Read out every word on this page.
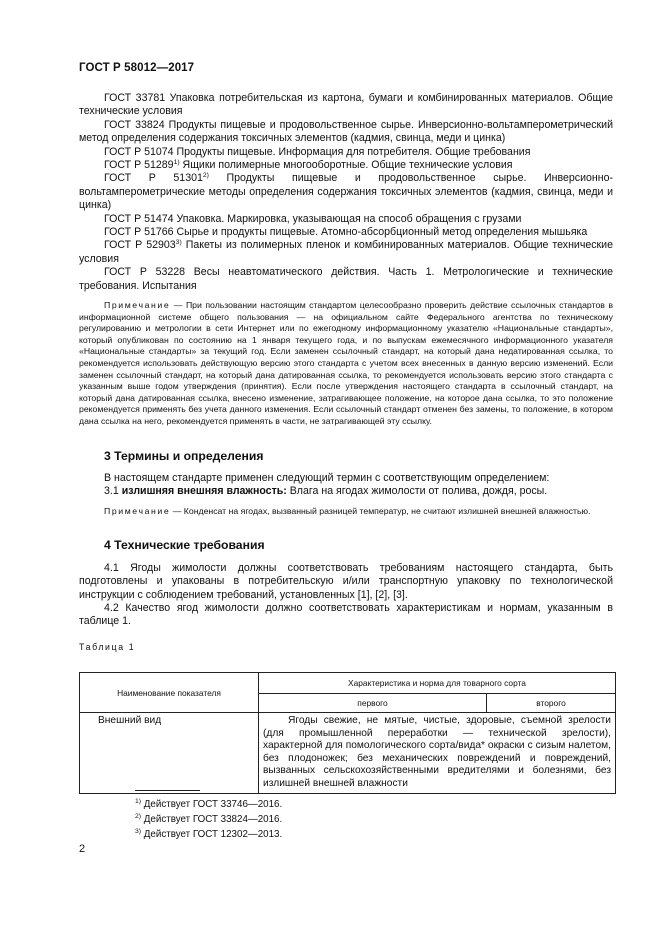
ГОСТ Р 58012—2017

ГОСТ 33781 Упаковка потребительская из картона, бумаги и комбинированных материалов. Общие технические условия

ГОСТ 33824 Продукты пищевые и продовольственное сырье. Инверсионно-вольтамперометрический метод определения содержания токсичных элементов (кадмия, свинца, меди и цинка)

ГОСТ Р 51074 Продукты пищевые. Информация для потребителя. Общие требования

ГОСТ Р 51289$^{1)}$ Ящики полимерные многооборотные. Общие технические условия

ГОСТ Р 51301$^{2)}$ Продукты пищевые и продовольственное сырье. Инверсионно-вольтамперометрические методы определения содержания токсичных элементов (кадмия, свинца, меди и цинка)

ГОСТ Р 51474 Упаковка. Маркировка, указывающая на способ обращения с грузами

ГОСТ Р 51766 Сырье и продукты пищевые. Атомно-абсорбционный метод определения мышьяка

ГОСТ Р 52903$^{3)}$ Пакеты из полимерных пленок и комбинированных материалов. Общие технические условия

ГОСТ Р 53228 Весы неавтоматического действия. Часть 1. Метрологические и технические требования. Испытания

Примечание — При пользовании настоящим стандартом целесообразно проверить действие ссылочных стандартов в информационной системе общего пользования — на официальном сайте Федерального агентства по техническому регулированию и метрологии в сети Интернет или по ежегодному информационному указателю «Национальные стандарты», который опубликован по состоянию на 1 января текущего года, и по выпускам ежемесячного информационного указателя «Национальные стандарты» за текущий год. Если заменен ссылочный стандарт, на который дана недатированная ссылка, то рекомендуется использовать действующую версию этого стандарта с учетом всех внесенных в данную версию изменений. Если заменен ссылочный стандарт, на который дана датированная ссылка, то рекомендуется использовать версию этого стандарта с указанным выше годом утверждения (принятия). Если после утверждения настоящего стандарта в ссылочный стандарт, на который дана датированная ссылка, внесено изменение, затрагивающее положение, на которое дана ссылка, то это положение рекомендуется применять без учета данного изменения. Если ссылочный стандарт отменен без замены, то положение, в котором дана ссылка на него, рекомендуется применять в части, не затрагивающей эту ссылку.

3 Термины и определения

В настоящем стандарте применен следующий термин с соответствующим определением:

3.1 излишняя внешняя влажность: Влага на ягодах жимолости от полива, дождя, росы.

Примечание — Конденсат на ягодах, вызванный разницей температур, не считают излишней внешней влажностью.

4 Технические требования

4.1 Ягоды жимолости должны соответствовать требованиям настоящего стандарта, быть подготовлены и упакованы в потребительскую и/или транспортную упаковку по технологической инструкции с соблюдением требований, установленных [1], [2], [3].

4.2 Качество ягод жимолости должно соответствовать характеристикам и нормам, указанным в таблице 1.

Таблица 1

Наименование показателя	Характеристика и норма для товарного сорта	
	первого	второго
Внешний вид	Ягоды свежие, не мятые, чистые, здоровые, съемной зрелости (для промышленной переработки — технической зрелости), характерной для помологического сорта/вида* окраски с сизым налетом, без плодоножек; без механических повреждений и повреждений, вызванных сельскохозяйственными вредителями и болезнями, без излишней внешней влажности	

$^{1)}$ Действует ГОСТ 33746—2016.

$^{2)}$ Действует ГОСТ 33824—2016.

$^{3)}$ Действует ГОСТ 12302—2013.

2
